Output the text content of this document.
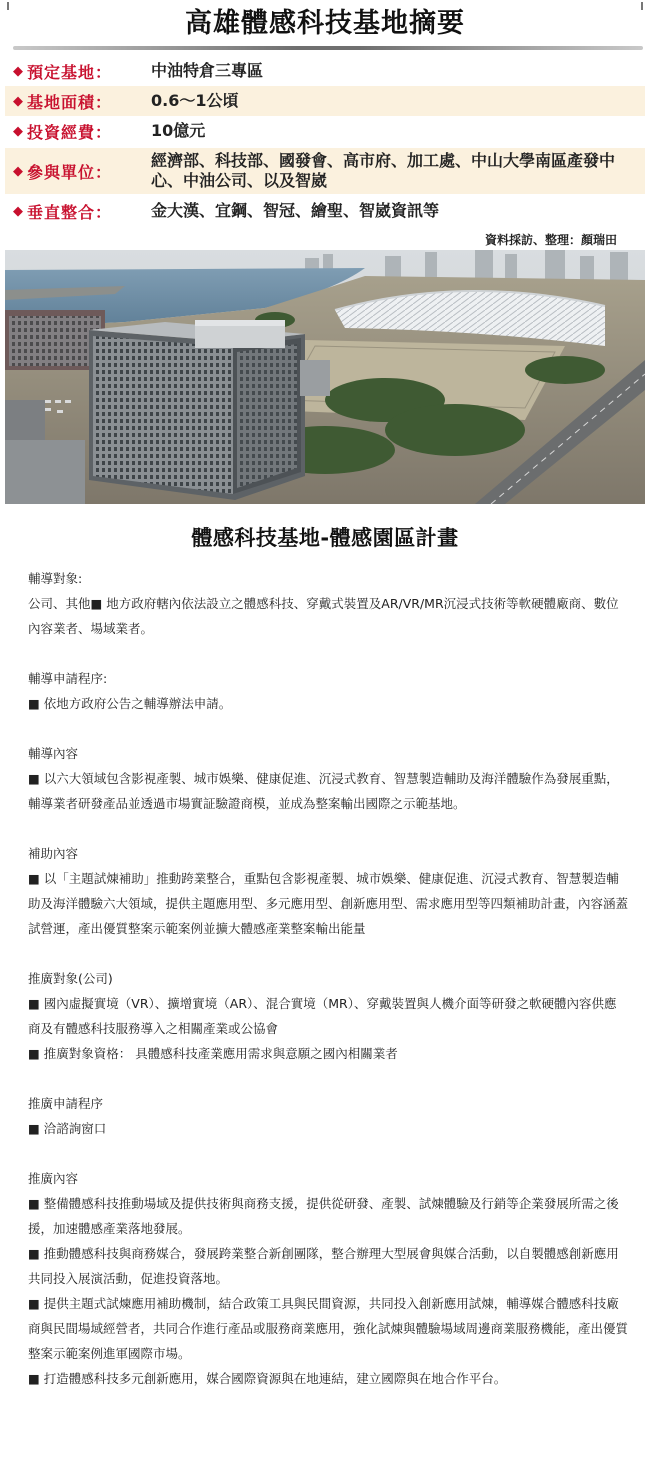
高雄體感科技基地摘要
◆ 預定基地： 中油特倉三專區
◆ 基地面積： 0.6～1公頃
◆ 投資經費： 10億元
◆ 參與單位：
經濟部、科技部、國發會、高市府、加工處、中山大學南區產發中心、中油公司、以及智崴
◆ 垂直整合： 金大漢、宜鋼、智冠、繪聖、智崴資訊等
資料採訪、整理：顏瑞田
體感科技基地-體感園區計畫

輔導對象:

公司、其他■ 地方政府轄內依法設立之體感科技、穿戴式裝置及AR/VR/MR沉浸式技術等軟硬體廠商、數位內容業者、場域業者。

輔導申請程序:

■ 依地方政府公告之輔導辦法申請。

輔導內容

■ 以六大領域包含影視產製、城市娛樂、健康促進、沉浸式教育、智慧製造輔助及海洋體驗作為發展重點，輔導業者研發產品並透過市場實証驗證商模，並成為整案輸出國際之示範基地。

補助內容

■ 以「主題試煉補助」推動跨業整合，重點包含影視產製、城市娛樂、健康促進、沉浸式教育、智慧製造輔助及海洋體驗六大領域，提供主題應用型、多元應用型、創新應用型、需求應用型等四類補助計畫，內容涵蓋試營運，產出優質整案示範案例並擴大體感產業整案輸出能量

推廣對象(公司)

■ 國內虛擬實境（VR）、擴增實境（AR）、混合實境（MR）、穿戴裝置與人機介面等研發之軟硬體內容供應商及有體感科技服務導入之相關產業或公協會

■ 推廣對象資格： 具體感科技產業應用需求與意願之國內相關業者

推廣申請程序

■ 洽諮詢窗口

推廣內容

■ 整備體感科技推動場域及提供技術與商務支援，提供從研發、產製、試煉體驗及行銷等企業發展所需之後援，加速體感產業落地發展。

■ 推動體感科技與商務媒合，發展跨業整合新創團隊，整合辦理大型展會與媒合活動，以自製體感創新應用共同投入展演活動，促進投資落地。

■ 提供主題式試煉應用補助機制，結合政策工具與民間資源，共同投入創新應用試煉，輔導媒合體感科技廠商與民間場域經營者，共同合作進行產品或服務商業應用，強化試煉與體驗場域周邊商業服務機能，產出優質整案示範案例進軍國際市場。

■ 打造體感科技多元創新應用，媒合國際資源與在地連結，建立國際與在地合作平台。
